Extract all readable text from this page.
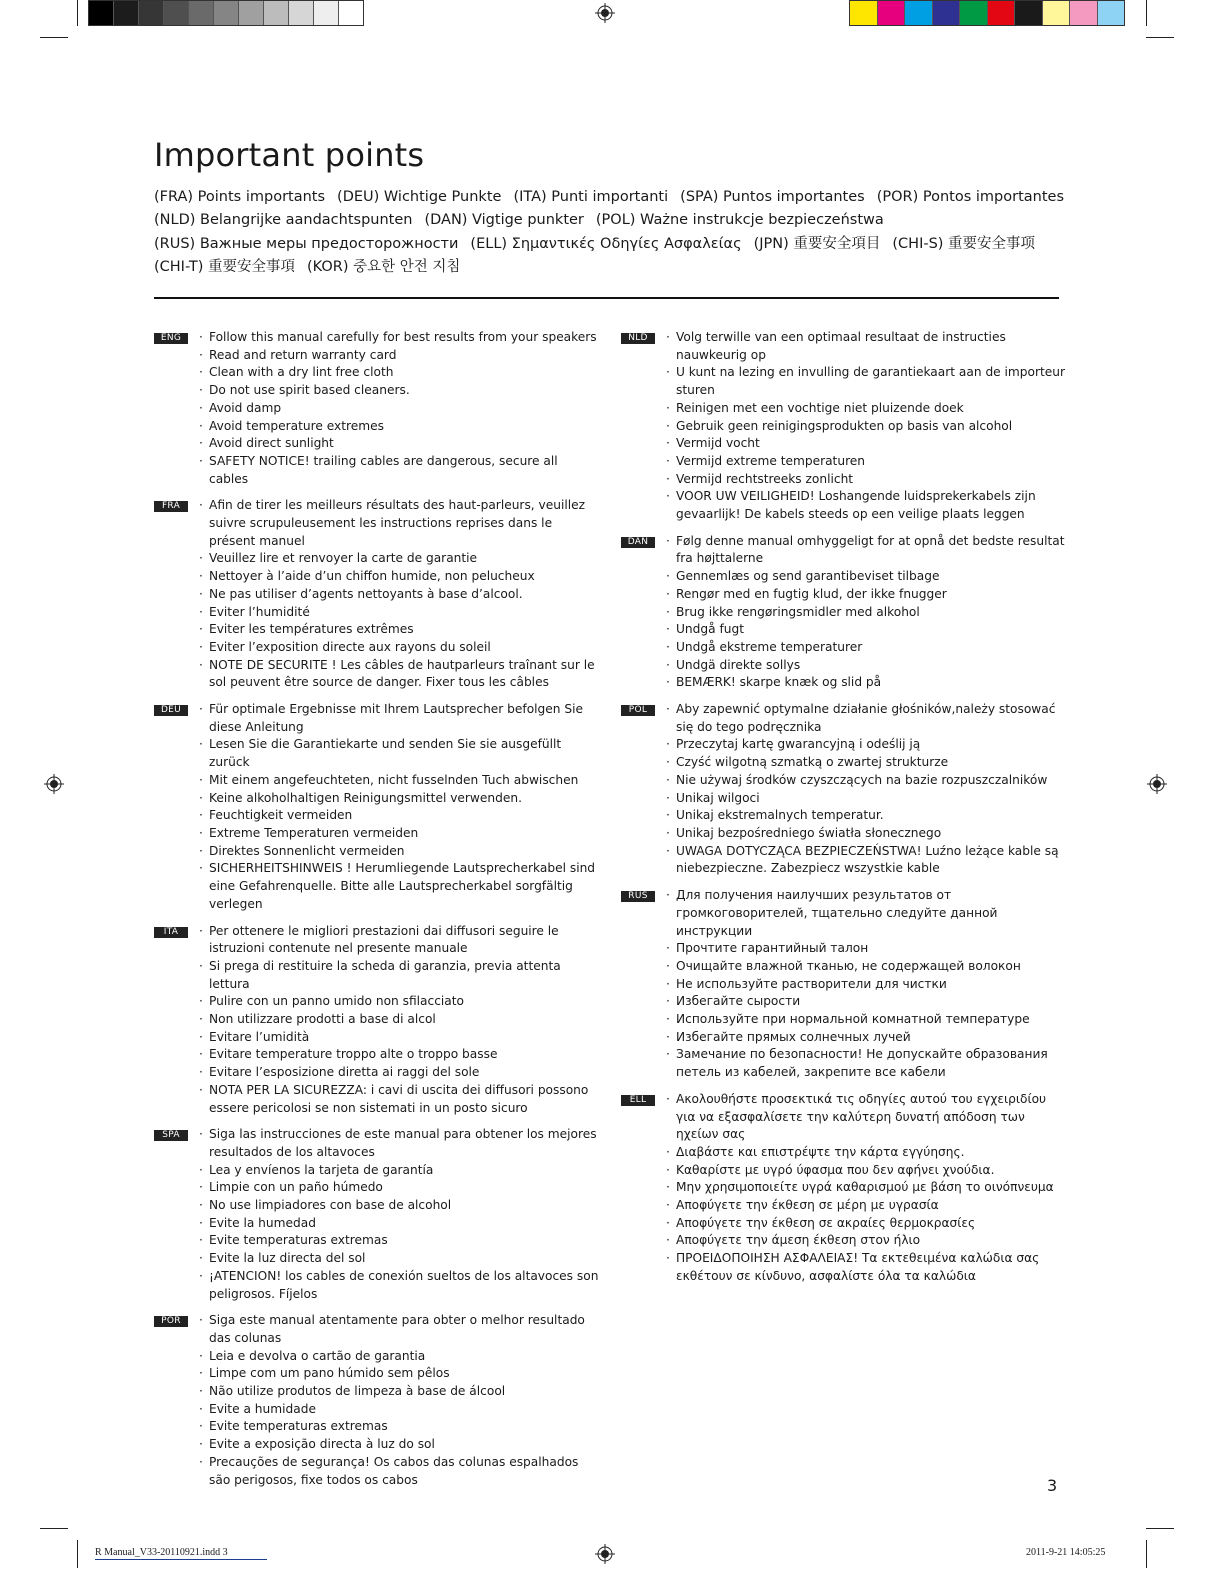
Important points
(FRA) Points importants (DEU) Wichtige Punkte (ITA) Punti importanti (SPA) Puntos importantes (POR) Pontos importantes
(NLD) Belangrijke aandachtspunten (DAN) Vigtige punkter (POL) Ważne instrukcje bezpieczeństwa
(RUS) Важные меры предосторожности (ELL) Σημαντικές Οδηγίες Ασφαλείας (JPN) 重要安全項目 (CHI-S) 重要安全事项
(CHI-T) 重要安全事項 (KOR) 중요한 안전 지침
ENG	· Follow this manual carefully for best results from your speakers
· Read and return warranty card
· Clean with a dry lint free cloth
· Do not use spirit based cleaners.
· Avoid damp
· Avoid temperature extremes
· Avoid direct sunlight
· SAFETY NOTICE! trailing cables are dangerous, secure all cables
FRA	· Afin de tirer les meilleurs résultats des haut-parleurs, veuillez suivre scrupuleusement les instructions reprises dans le présent manuel
· Veuillez lire et renvoyer la carte de garantie
· Nettoyer à l’aide d’un chiffon humide, non pelucheux
· Ne pas utiliser d’agents nettoyants à base d’alcool.
· Eviter l’humidité
· Eviter les températures extrêmes
· Eviter l’exposition directe aux rayons du soleil
· NOTE DE SECURITE ! Les câbles de hautparleurs traînant sur le sol peuvent être source de danger. Fixer tous les câbles
DEU	· Für optimale Ergebnisse mit Ihrem Lautsprecher befolgen Sie diese Anleitung
· Lesen Sie die Garantiekarte und senden Sie sie ausgefüllt zurück
· Mit einem angefeuchteten, nicht fusselnden Tuch abwischen
· Keine alkoholhaltigen Reinigungsmittel verwenden.
· Feuchtigkeit vermeiden
· Extreme Temperaturen vermeiden
· Direktes Sonnenlicht vermeiden
· SICHERHEITSHINWEIS ! Herumliegende Lautsprecherkabel sind eine Gefahrenquelle. Bitte alle Lautsprecherkabel sorgfältig verlegen
ITA	· Per ottenere le migliori prestazioni dai diffusori seguire le istruzioni contenute nel presente manuale
· Si prega di restituire la scheda di garanzia, previa attenta lettura
· Pulire con un panno umido non sfilacciato
· Non utilizzare prodotti a base di alcol
· Evitare l’umidità
· Evitare temperature troppo alte o troppo basse
· Evitare l’esposizione diretta ai raggi del sole
· NOTA PER LA SICUREZZA: i cavi di uscita dei diffusori possono essere pericolosi se non sistemati in un posto sicuro
SPA	· Siga las instrucciones de este manual para obtener los mejores resultados de los altavoces
· Lea y envíenos la tarjeta de garantía
· Limpie con un paño húmedo
· No use limpiadores con base de alcohol
· Evite la humedad
· Evite temperaturas extremas
· Evite la luz directa del sol
· ¡ATENCION! los cables de conexión sueltos de los altavoces son peligrosos. Fíjelos
POR	· Siga este manual atentamente para obter o melhor resultado das colunas
· Leia e devolva o cartão de garantia
· Limpe com um pano húmido sem pêlos
· Não utilize produtos de limpeza à base de álcool
· Evite a humidade
· Evite temperaturas extremas
· Evite a exposição directa à luz do sol
· Precauções de segurança! Os cabos das colunas espalhados são perigosos, fixe todos os cabos
NLD	· Volg terwille van een optimaal resultaat de instructies nauwkeurig op
· U kunt na lezing en invulling de garantiekaart aan de importeur sturen
· Reinigen met een vochtige niet pluizende doek
· Gebruik geen reinigingsprodukten op basis van alcohol
· Vermijd vocht
· Vermijd extreme temperaturen
· Vermijd rechtstreeks zonlicht
· VOOR UW VEILIGHEID! Loshangende luidsprekerkabels zijn gevaarlijk! De kabels steeds op een veilige plaats leggen
DAN	· Følg denne manual omhyggeligt for at opnå det bedste resultat fra højttalerne
· Gennemlæs og send garantibeviset tilbage
· Rengør med en fugtig klud, der ikke fnugger
· Brug ikke rengøringsmidler med alkohol
· Undgå fugt
· Undgå ekstreme temperaturer
· Undgä direkte sollys
· BEMÆRK! skarpe knæk og slid på
POL	· Aby zapewnić optymalne działanie głośników,należy stosować się do tego podręcznika
· Przeczytaj kartę gwarancyjną i odeślij ją
· Czyść wilgotną szmatką o zwartej strukturze
· Nie używaj środków czyszczących na bazie rozpuszczalników
· Unikaj wilgoci
· Unikaj ekstremalnych temperatur.
· Unikaj bezpośredniego światła słonecznego
· UWAGA DOTYCZĄCA BEZPIECZEŃSTWA! Luźno leżące kable są niebezpieczne. Zabezpiecz wszystkie kable
RUS	· Для получения наилучших результатов от громкоговорителей, тщательно следуйте данной инструкции
· Прочтите гарантийный талон
· Очищайте влажной тканью, не содержащей волокон
· Не используйте растворители для чистки
· Избегайте сырости
· Используйте при нормальной комнатной температуре
· Избегайте прямых солнечных лучей
· Замечание по безопасности! Не допускайте образования петель из кабелей, закрепите все кабели
ELL	· Ακολουθήστε προσεκτικά τις οδηγίες αυτού του εγχειριδίου για να εξασφαλίσετε την καλύτερη δυνατή απόδοση των ηχείων σας
· Διαβάστε και επιστρέψτε την κάρτα εγγύησης.
· Καθαρίστε με υγρό ύφασμα που δεν αφήνει χνούδια.
· Μην χρησιμοποιείτε υγρά καθαρισμού με βάση το οινόπνευμα
· Αποφύγετε την έκθεση σε μέρη με υγρασία
· Αποφύγετε την έκθεση σε ακραίες θερμοκρασίες
· Αποφύγετε την άμεση έκθεση στον ήλιο
· ΠΡΟΕΙΔΟΠΟΙΗΣΗ ΑΣΦΑΛΕΙΑΣ! Τα εκτεθειμένα καλώδια σας εκθέτουν σε κίνδυνο, ασφαλίστε όλα τα καλώδια
3
R Manual_V33-20110921.indd 3	2011-9-21 14:05:25
